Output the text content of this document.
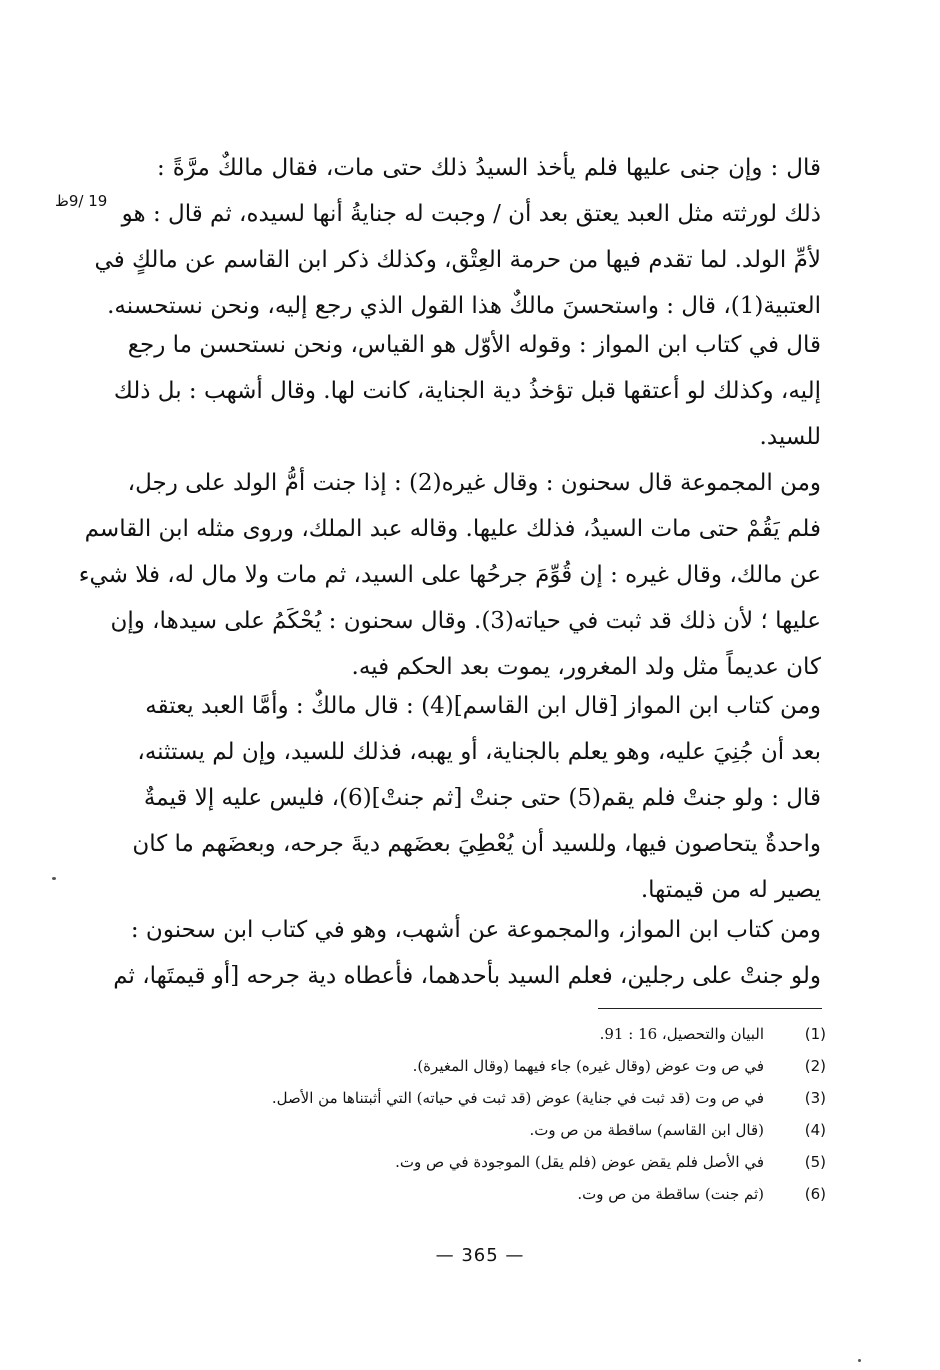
19 /9ظ
قال : وإن جنى عليها فلم يأخذ السيدُ ذلك حتى مات، فقال مالكٌ مرَّةً :
ذلك لورثته مثل العبد يعتق بعد أن / وجبت له جنايةُ أنها لسيده، ثم قال : هو
لأمِّ الولد. لما تقدم فيها من حرمة العِتْق، وكذلك ذكر ابن القاسم عن مالكٍ في
العتبية(1)، قال : واستحسنَ مالكٌ هذا القول الذي رجع إليه، ونحن نستحسنه.
قال في كتاب ابن المواز : وقوله الأوّل هو القياس، ونحن نستحسن ما رجع
إليه، وكذلك لو أعتقها قبل تؤخذُ دية الجناية، كانت لها. وقال أشهب : بل ذلك
للسيد.
ومن المجموعة قال سحنون : وقال غيره(2) : إذا جنت أمُّ الولد على رجل،
فلم يَقُمْ حتى مات السيدُ، فذلك عليها. وقاله عبد الملك، وروى مثله ابن القاسم
عن مالك، وقال غيره : إن قُوِّمَ جرحُها على السيد، ثم مات ولا مال له، فلا شيء
عليها ؛ لأن ذلك قد ثبت في حياته(3). وقال سحنون : يُحْكَمُ على سيدها، وإن
كان عديماً مثل ولد المغرور، يموت بعد الحكم فيه.
ومن كتاب ابن المواز [قال ابن القاسم](4) : قال مالكٌ : وأمَّا العبد يعتقه
بعد أن جُنِيَ عليه، وهو يعلم بالجناية، أو يهبه، فذلك للسيد، وإن لم يستثنه،
قال : ولو جنتْ فلم يقم(5) حتى جنتْ [ثم جنتْ](6)، فليس عليه إلا قيمةٌ
واحدةٌ يتحاصون فيها، وللسيد أن يُعْطِيَ بعضَهم ديةَ جرحه، وبعضَهم ما كان
يصير له من قيمتها.
ومن كتاب ابن المواز، والمجموعة عن أشهب، وهو في كتاب ابن سحنون :
ولو جنتْ على رجلين، فعلم السيد بأحدهما، فأعطاه دية جرحه [أو قيمتَها، ثم
(1)
البيان والتحصيل، 16 : 91.
(2)
في ص وت عوض (وقال غيره) جاء فيهما (وقال المغيرة).
(3)
في ص وت (قد ثبت في جناية) عوض (قد ثبت في حياته) التي أثبتناها من الأصل.
(4)
(قال ابن القاسم) ساقطة من ص وت.
(5)
في الأصل فلم يقض عوض (فلم يقل) الموجودة في ص وت.
(6)
(ثم جنت) ساقطة من ص وت.
— 365 —
